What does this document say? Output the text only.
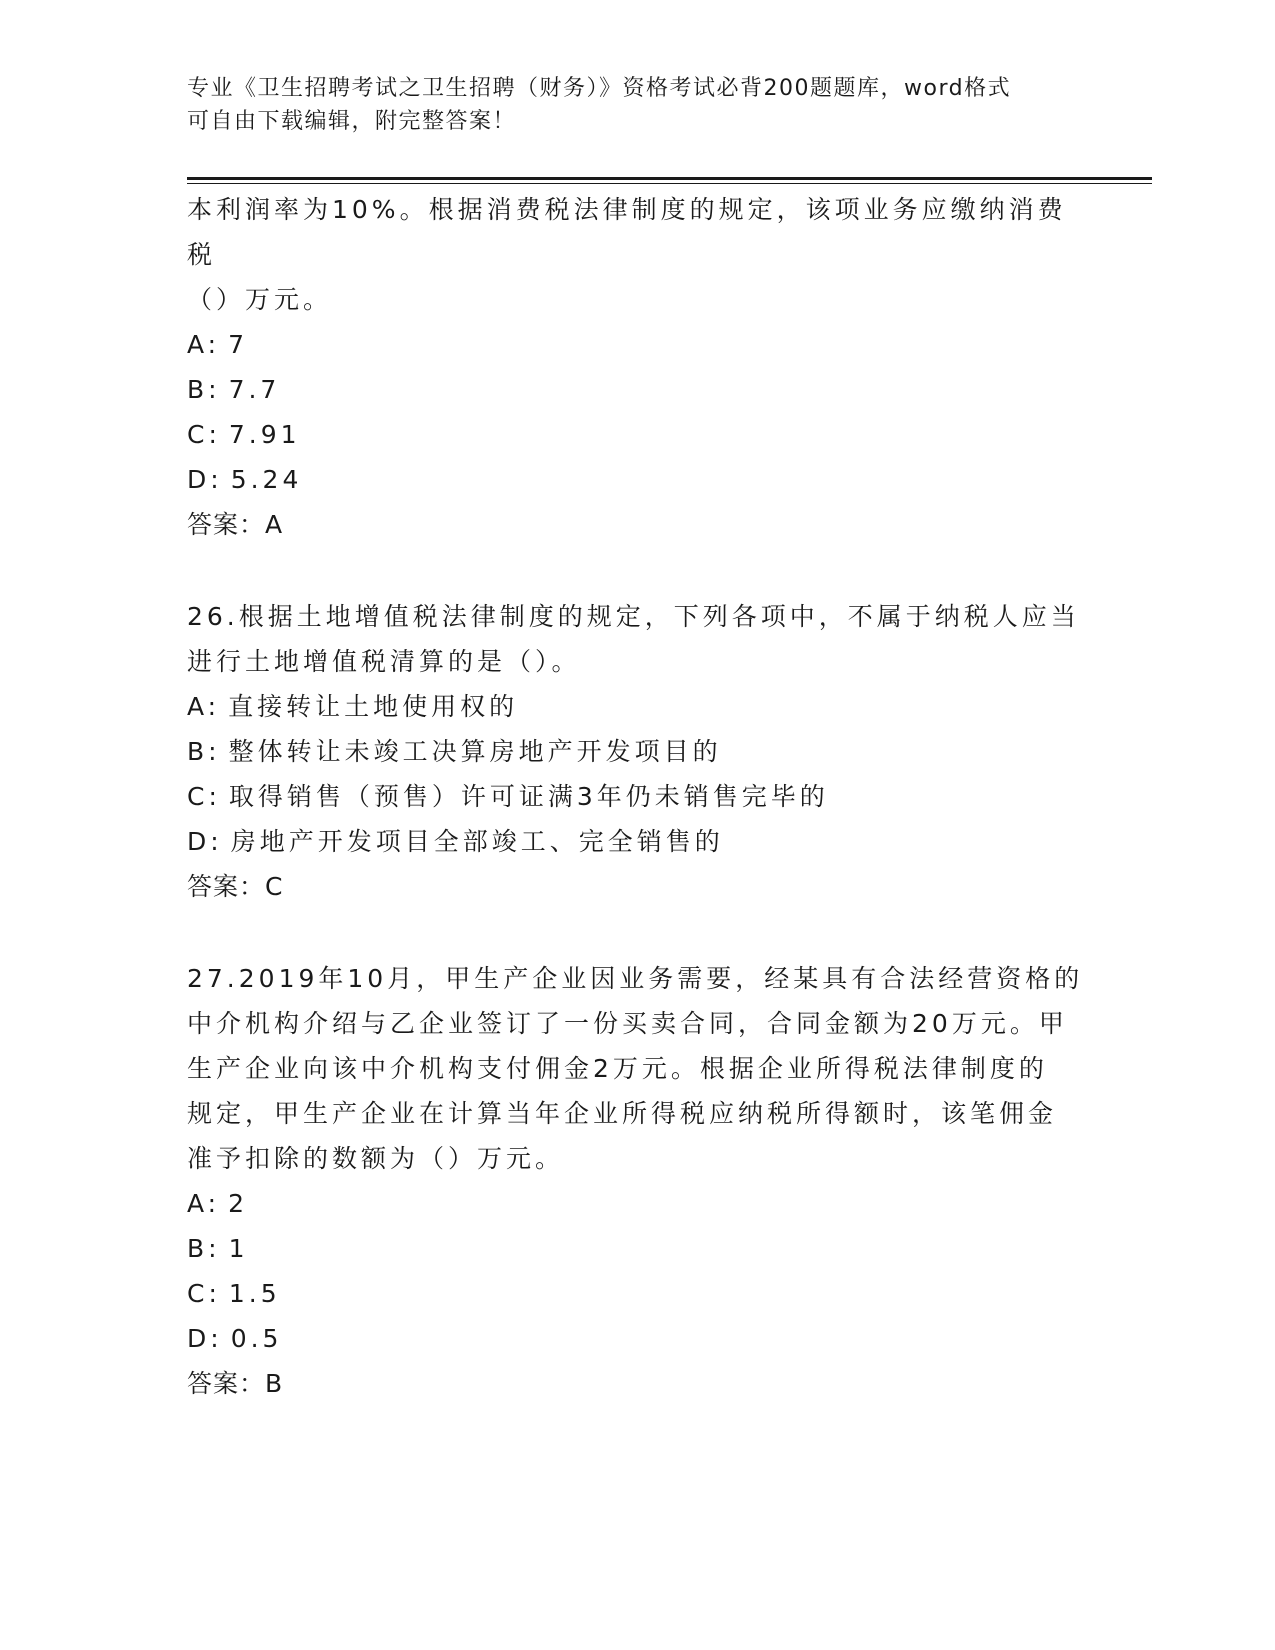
专业《卫生招聘考试之卫生招聘（财务）》资格考试必背200题题库，word格式
可自由下载编辑，附完整答案！

本利润率为10%。根据消费税法律制度的规定，该项业务应缴纳消费税

（）万元。

A: 7

B: 7.7

C: 7.91

D: 5.24

答案：A

26.根据土地增值税法律制度的规定，下列各项中，不属于纳税人应当

进行土地增值税清算的是（）。

A: 直接转让土地使用权的

B: 整体转让未竣工决算房地产开发项目的

C: 取得销售（预售）许可证满3年仍未销售完毕的

D: 房地产开发项目全部竣工、完全销售的

答案：C

27.2019年10月，甲生产企业因业务需要，经某具有合法经营资格的

中介机构介绍与乙企业签订了一份买卖合同，合同金额为20万元。甲

生产企业向该中介机构支付佣金2万元。根据企业所得税法律制度的

规定，甲生产企业在计算当年企业所得税应纳税所得额时，该笔佣金

准予扣除的数额为（）万元。

A: 2

B: 1

C: 1.5

D: 0.5

答案：B
